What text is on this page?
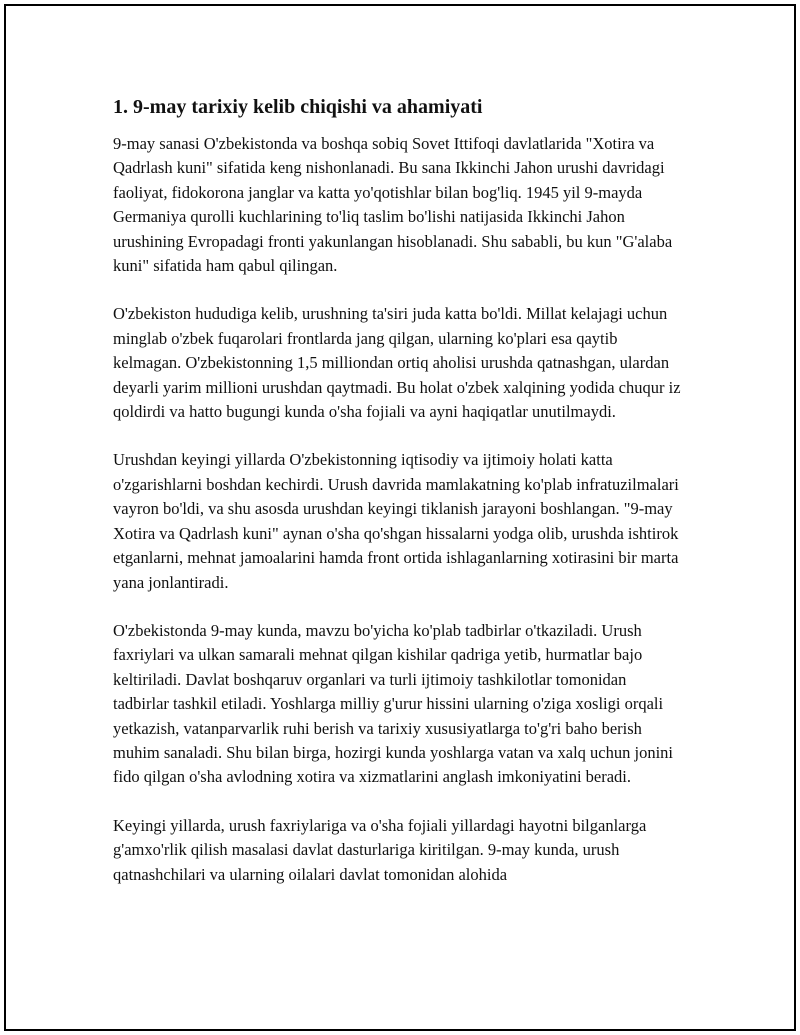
1. 9-may tarixiy kelib chiqishi va ahamiyati

9-may sanasi O'zbekistonda va boshqa sobiq Sovet Ittifoqi davlatlarida "Xotira va Qadrlash kuni" sifatida keng nishonlanadi. Bu sana Ikkinchi Jahon urushi davridagi faoliyat, fidokorona janglar va katta yo'qotishlar bilan bog'liq. 1945 yil 9-mayda Germaniya qurolli kuchlarining to'liq taslim bo'lishi natijasida Ikkinchi Jahon urushining Evropadagi fronti yakunlangan hisoblanadi. Shu sababli, bu kun "G'alaba kuni" sifatida ham qabul qilingan.

O'zbekiston hududiga kelib, urushning ta'siri juda katta bo'ldi. Millat kelajagi uchun minglab o'zbek fuqarolari frontlarda jang qilgan, ularning ko'plari esa qaytib kelmagan. O'zbekistonning 1,5 milliondan ortiq aholisi urushda qatnashgan, ulardan deyarli yarim millioni urushdan qaytmadi. Bu holat o'zbek xalqining yodida chuqur iz qoldirdi va hatto bugungi kunda o'sha fojiali va ayni haqiqatlar unutilmaydi.

Urushdan keyingi yillarda O'zbekistonning iqtisodiy va ijtimoiy holati katta o'zgarishlarni boshdan kechirdi. Urush davrida mamlakatning ko'plab infratuzilmalari vayron bo'ldi, va shu asosda urushdan keyingi tiklanish jarayoni boshlangan. "9-may Xotira va Qadrlash kuni" aynan o'sha qo'shgan hissalarni yodga olib, urushda ishtirok etganlarni, mehnat jamoalarini hamda front ortida ishlaganlarning xotirasini bir marta yana jonlantiradi.

O'zbekistonda 9-may kunda, mavzu bo'yicha ko'plab tadbirlar o'tkaziladi. Urush faxriylari va ulkan samarali mehnat qilgan kishilar qadriga yetib, hurmatlar bajo keltiriladi. Davlat boshqaruv organlari va turli ijtimoiy tashkilotlar tomonidan tadbirlar tashkil etiladi. Yoshlarga milliy g'urur hissini ularning o'ziga xosligi orqali yetkazish, vatanparvarlik ruhi berish va tarixiy xususiyatlarga to'g'ri baho berish muhim sanaladi. Shu bilan birga, hozirgi kunda yoshlarga vatan va xalq uchun jonini fido qilgan o'sha avlodning xotira va xizmatlarini anglash imkoniyatini beradi.

Keyingi yillarda, urush faxriylariga va o'sha fojiali yillardagi hayotni bilganlarga g'amxo'rlik qilish masalasi davlat dasturlariga kiritilgan. 9-may kunda, urush qatnashchilari va ularning oilalari davlat tomonidan alohida
